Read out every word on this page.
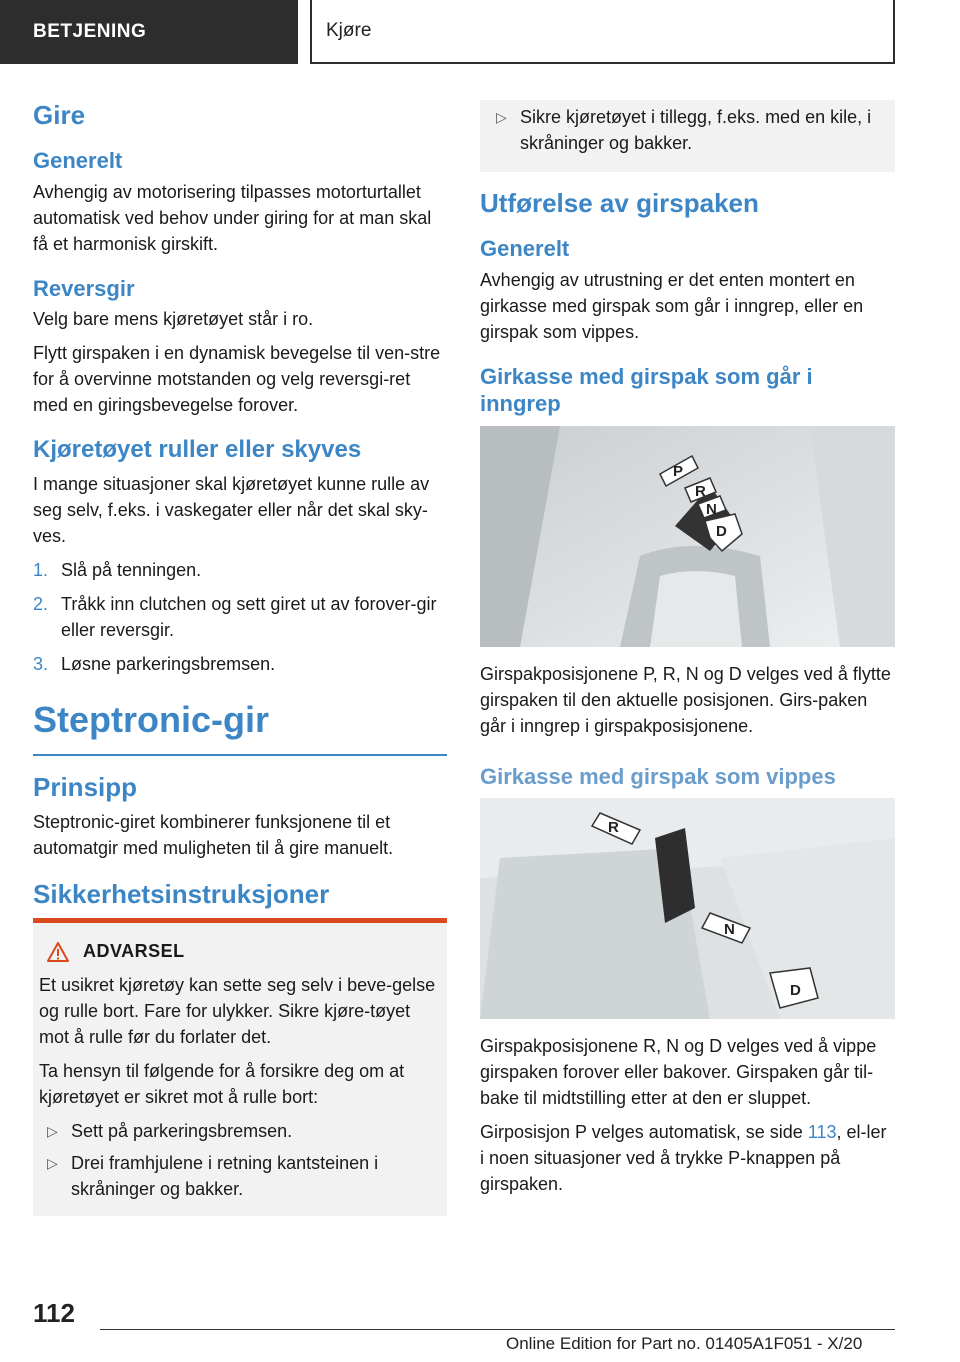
BETJENING	Kjøre
Gire
Generelt

Avhengig av motorisering tilpasses motorturtallet automatisk ved behov under giring for at man skal få et harmonisk girskift.

Reversgir

Velg bare mens kjøretøyet står i ro.

Flytt girspaken i en dynamisk bevegelse til ven-stre for å overvinne motstanden og velg reversgi-ret med en giringsbevegelse forover.

Kjøretøyet ruller eller skyves

I mange situasjoner skal kjøretøyet kunne rulle av seg selv, f.eks. i vaskegater eller når det skal sky-ves.

1. Slå på tenningen.
2. Tråkk inn clutchen og sett giret ut av forover-gir eller reversgir.
3. Løsne parkeringsbremsen.
Steptronic-gir
Prinsipp

Steptronic-giret kombinerer funksjonene til et automatgir med muligheten til å gire manuelt.

Sikkerhetsinstruksjoner
ADVARSEL

Et usikret kjøretøy kan sette seg selv i beve-gelse og rulle bort. Fare for ulykker. Sikre kjøre-tøyet mot å rulle før du forlater det.

Ta hensyn til følgende for å forsikre deg om at kjøretøyet er sikret mot å rulle bort:

▷ Sett på parkeringsbremsen.
▷ Drei framhjulene i retning kantsteinen i skråninger og bakker.
▷ Sikre kjøretøyet i tillegg, f.eks. med en kile, i skråninger og bakker.
Utførelse av girspaken
Generelt

Avhengig av utrustning er det enten montert en girkasse med girspak som går i inngrep, eller en girspak som vippes.

Girkasse med girspak som går i inngrep
P
R
N
D

Girspakposisjonene P, R, N og D velges ved å flytte girspaken til den aktuelle posisjonen. Girs-paken går i inngrep i girspakposisjonene.

Girkasse med girspak som vippes
R
N
D

Girspakposisjonene R, N og D velges ved å vippe girspaken forover eller bakover. Girspaken går til-bake til midtstilling etter at den er sluppet.

Girposisjon P velges automatisk, se side 113, el-ler i noen situasjoner ved å trykke P-knappen på girspaken.

112
Online Edition for Part no. 01405A1F051 - X/20
